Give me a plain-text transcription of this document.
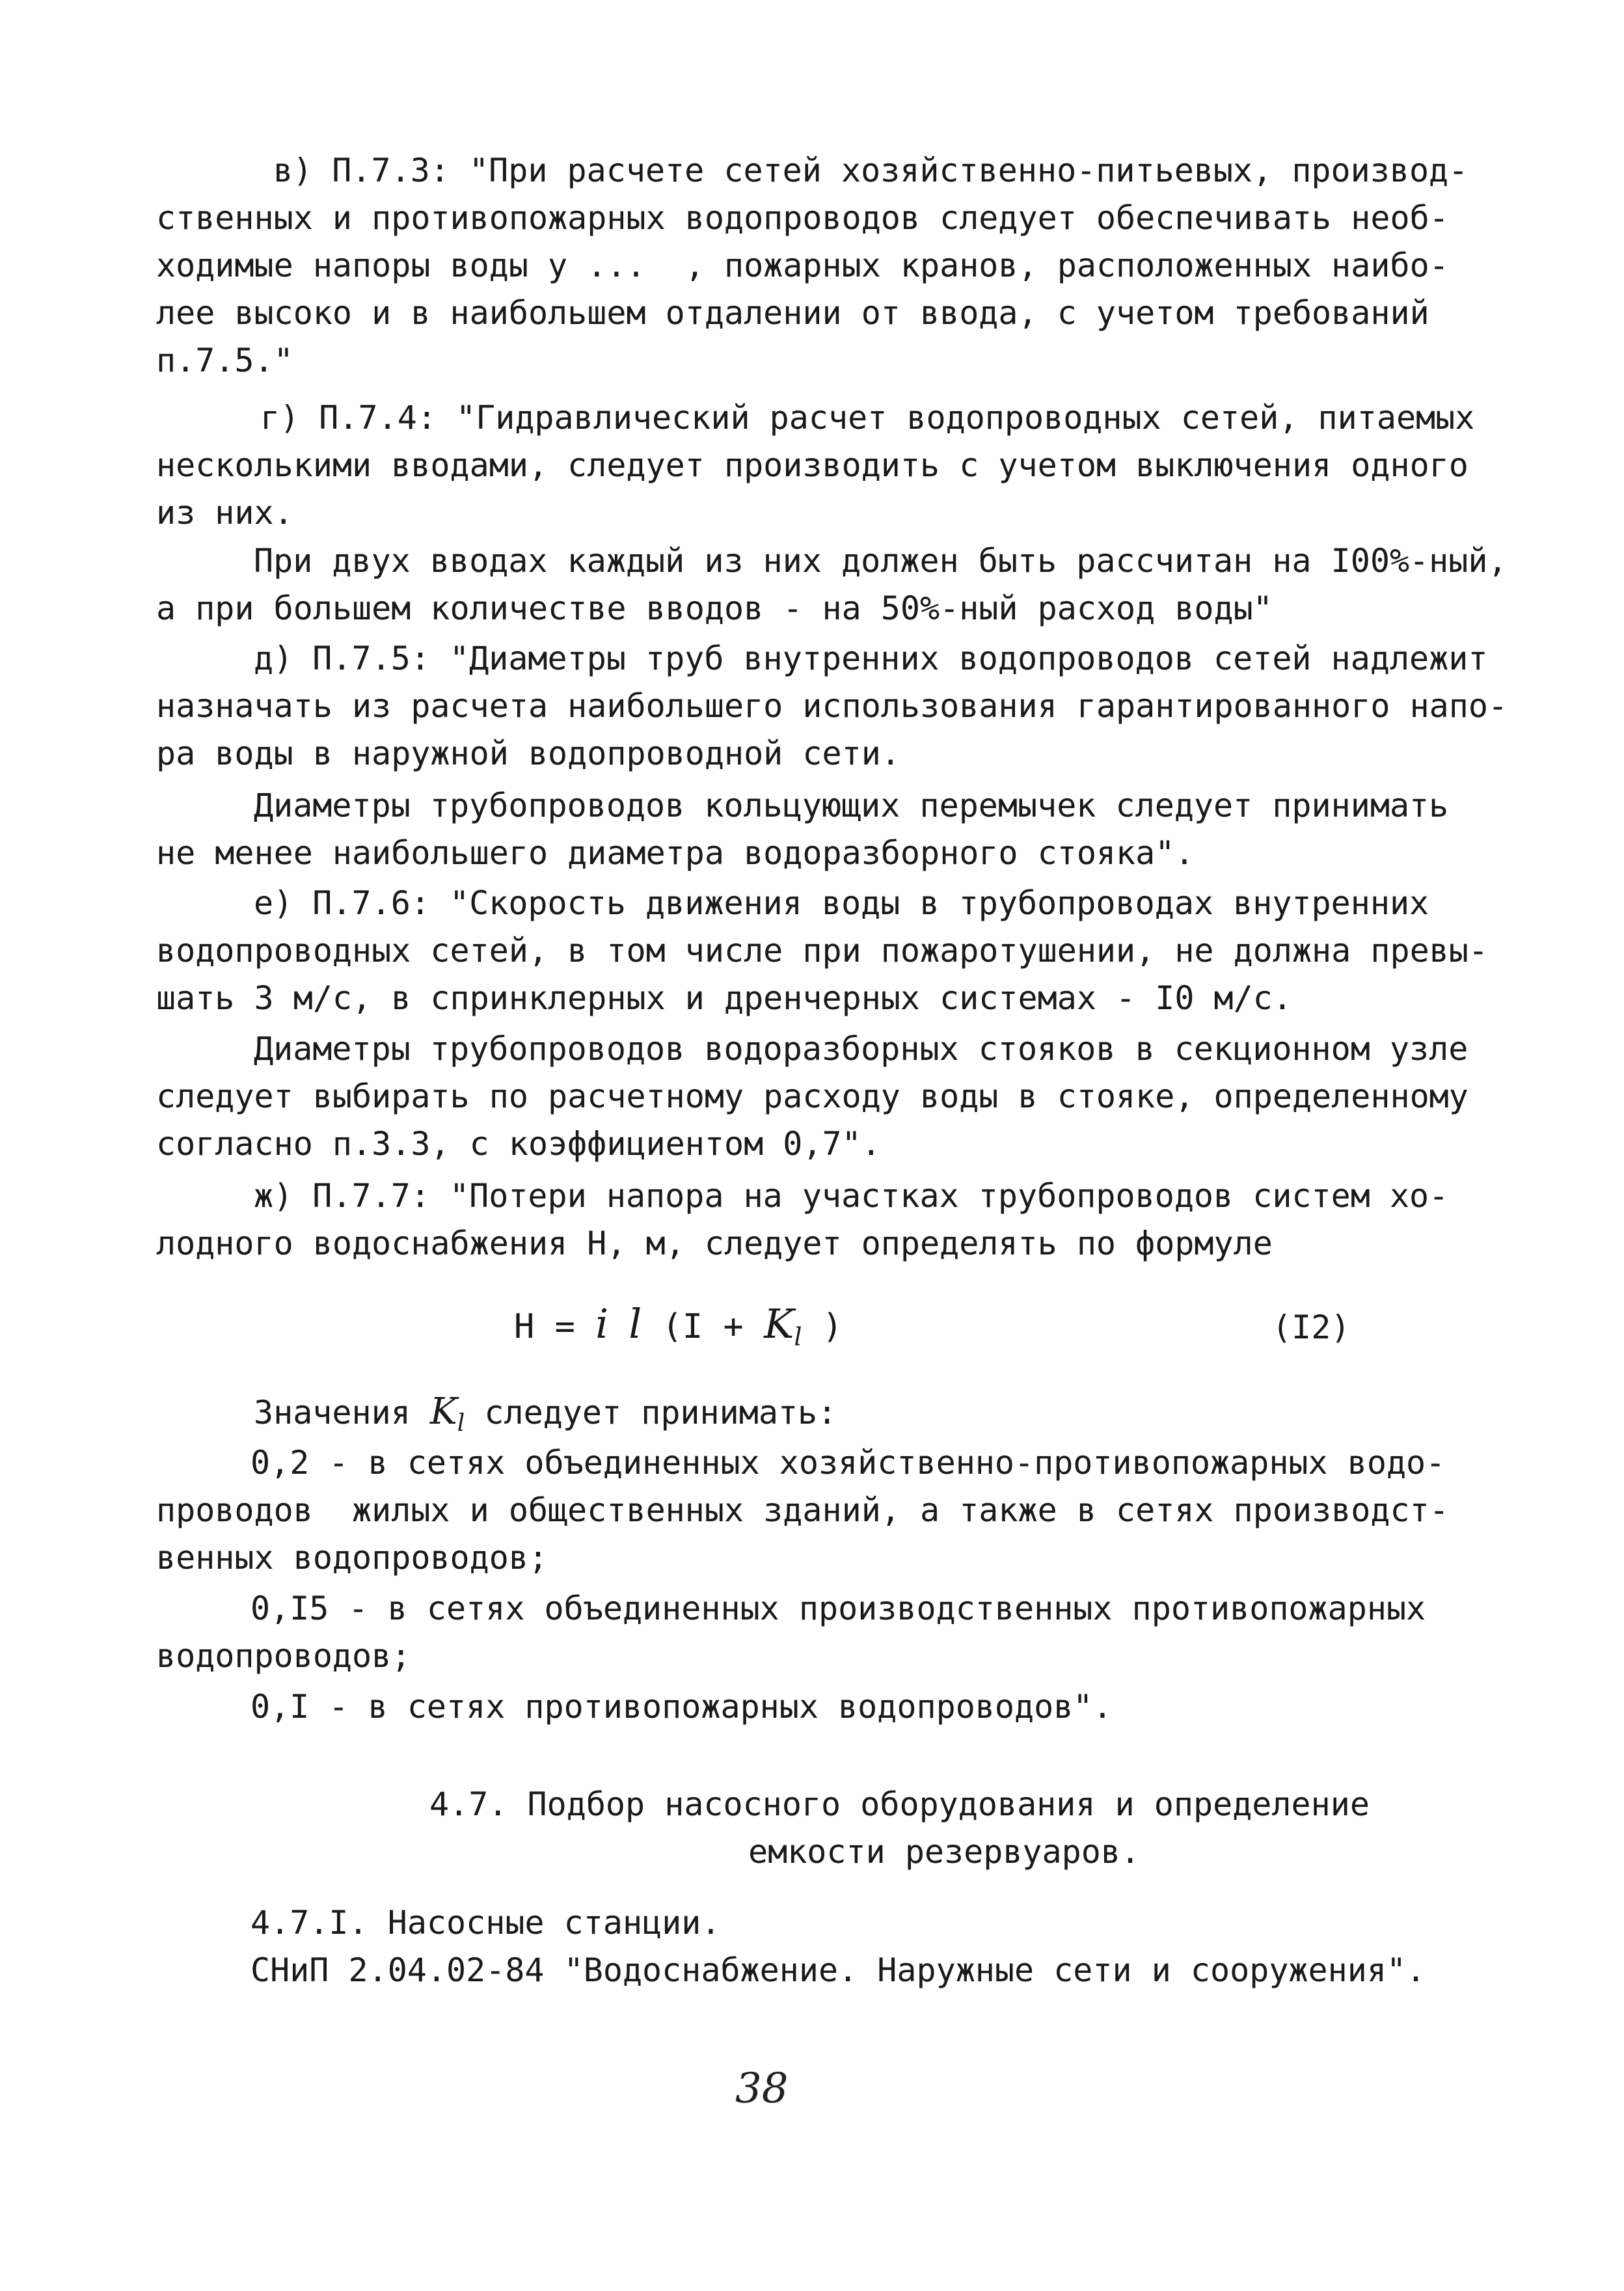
в) П.7.3: "При расчете сетей хозяйственно-питьевых, производ-
ственных и противопожарных водопроводов следует обеспечивать необ-
ходимые напоры воды у ...  , пожарных кранов, расположенных наибо-
лее высоко и в наибольшем отдалении от ввода, с учетом требований
п.7.5."
г) П.7.4: "Гидравлический расчет водопроводных сетей, питаемых
несколькими вводами, следует производить с учетом выключения одного
из них.
При двух вводах каждый из них должен быть рассчитан на I00%-ный,
а при большем количестве вводов - на 50%-ный расход воды"
д) П.7.5: "Диаметры труб внутренних водопроводов сетей надлежит
назначать из расчета наибольшего использования гарантированного напо-
ра воды в наружной водопроводной сети.
Диаметры трубопроводов кольцующих перемычек следует принимать
не менее наибольшего диаметра водоразборного стояка".
е) П.7.6: "Скорость движения воды в трубопроводах внутренних
водопроводных сетей, в том числе при пожаротушении, не должна превы-
шать 3 м/с, в спринклерных и дренчерных системах - I0 м/с.
Диаметры трубопроводов водоразборных стояков в секционном узле
следует выбирать по расчетному расходу воды в стояке, определенному
согласно п.3.3, с коэффициентом 0,7".
ж) П.7.7: "Потери напора на участках трубопроводов систем хо-
лодного водоснабжения Н, м, следует определять по формуле
H = i l ($I + K_l$ )	(I2)
Значения $K_l$ следует принимать:
0,2 - в сетях объединенных хозяйственно-противопожарных водо-
проводов  жилых и общественных зданий, а также в сетях производст-
венных водопроводов;
0,I5 - в сетях объединенных производственных противопожарных
водопроводов;
0,I - в сетях противопожарных водопроводов".
4.7. Подбор насосного оборудования и определение
емкости резервуаров.
4.7.I. Насосные станции.
СНиП 2.04.02-84 "Водоснабжение. Наружные сети и сооружения".
38
